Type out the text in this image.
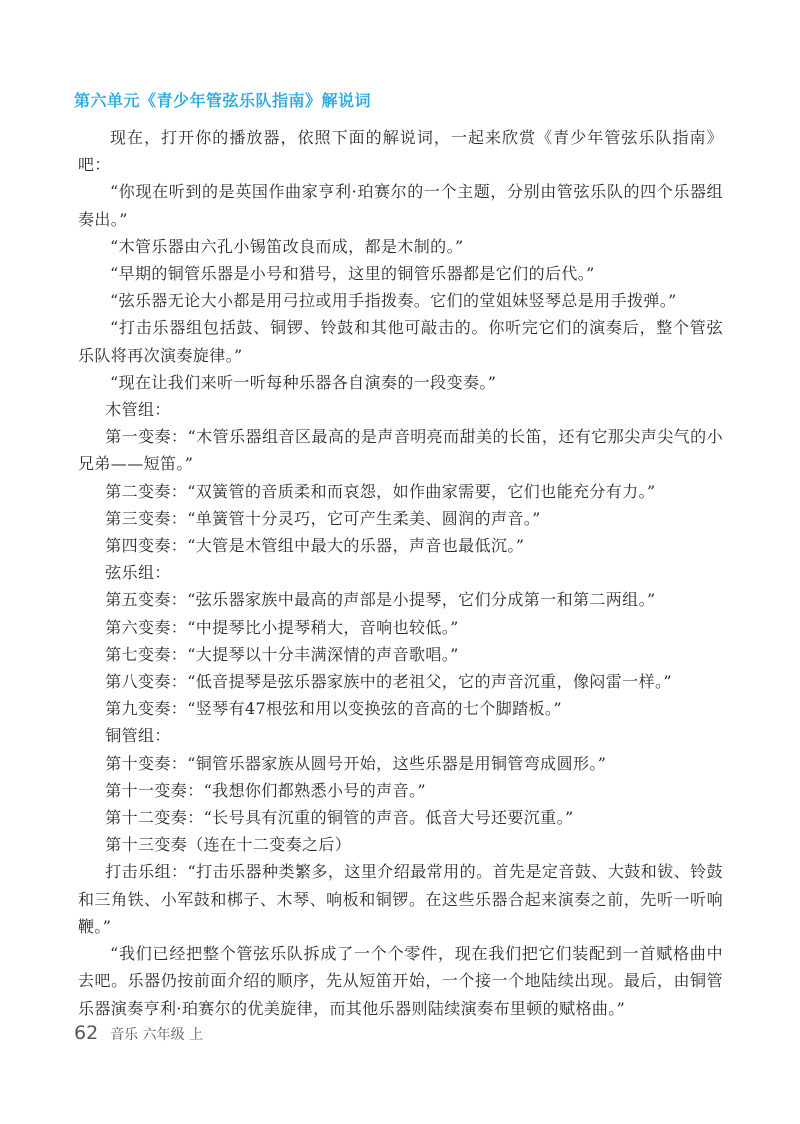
第六单元《青少年管弦乐队指南》解说词

现在，打开你的播放器，依照下面的解说词，一起来欣赏《青少年管弦乐队指南》吧：

“你现在听到的是英国作曲家亨利·珀赛尔的一个主题，分别由管弦乐队的四个乐器组奏出。”

“木管乐器由六孔小锡笛改良而成，都是木制的。”

“早期的铜管乐器是小号和猎号，这里的铜管乐器都是它们的后代。”

“弦乐器无论大小都是用弓拉或用手指拨奏。它们的堂姐妹竖琴总是用手拨弹。”

“打击乐器组包括鼓、铜锣、铃鼓和其他可敲击的。你听完它们的演奏后，整个管弦乐队将再次演奏旋律。”

“现在让我们来听一听每种乐器各自演奏的一段变奏。”

木管组：

第一变奏：“木管乐器组音区最高的是声音明亮而甜美的长笛，还有它那尖声尖气的小兄弟——短笛。”

第二变奏：“双簧管的音质柔和而哀怨，如作曲家需要，它们也能充分有力。”

第三变奏：“单簧管十分灵巧，它可产生柔美、圆润的声音。”

第四变奏：“大管是木管组中最大的乐器，声音也最低沉。”

弦乐组：

第五变奏：“弦乐器家族中最高的声部是小提琴，它们分成第一和第二两组。”

第六变奏：“中提琴比小提琴稍大，音响也较低。”

第七变奏：“大提琴以十分丰满深情的声音歌唱。”

第八变奏：“低音提琴是弦乐器家族中的老祖父，它的声音沉重，像闷雷一样。”

第九变奏：“竖琴有47根弦和用以变换弦的音高的七个脚踏板。”

铜管组：

第十变奏：“铜管乐器家族从圆号开始，这些乐器是用铜管弯成圆形。”

第十一变奏：“我想你们都熟悉小号的声音。”

第十二变奏：“长号具有沉重的铜管的声音。低音大号还要沉重。”

第十三变奏（连在十二变奏之后）

打击乐组：“打击乐器种类繁多，这里介绍最常用的。首先是定音鼓、大鼓和钹、铃鼓和三角铁、小军鼓和梆子、木琴、响板和铜锣。在这些乐器合起来演奏之前，先听一听响鞭。”

“我们已经把整个管弦乐队拆成了一个个零件，现在我们把它们装配到一首赋格曲中去吧。乐器仍按前面介绍的顺序，先从短笛开始，一个接一个地陆续出现。最后，由铜管乐器演奏亨利·珀赛尔的优美旋律，而其他乐器则陆续演奏布里顿的赋格曲。”

62 音乐 六年级 上
